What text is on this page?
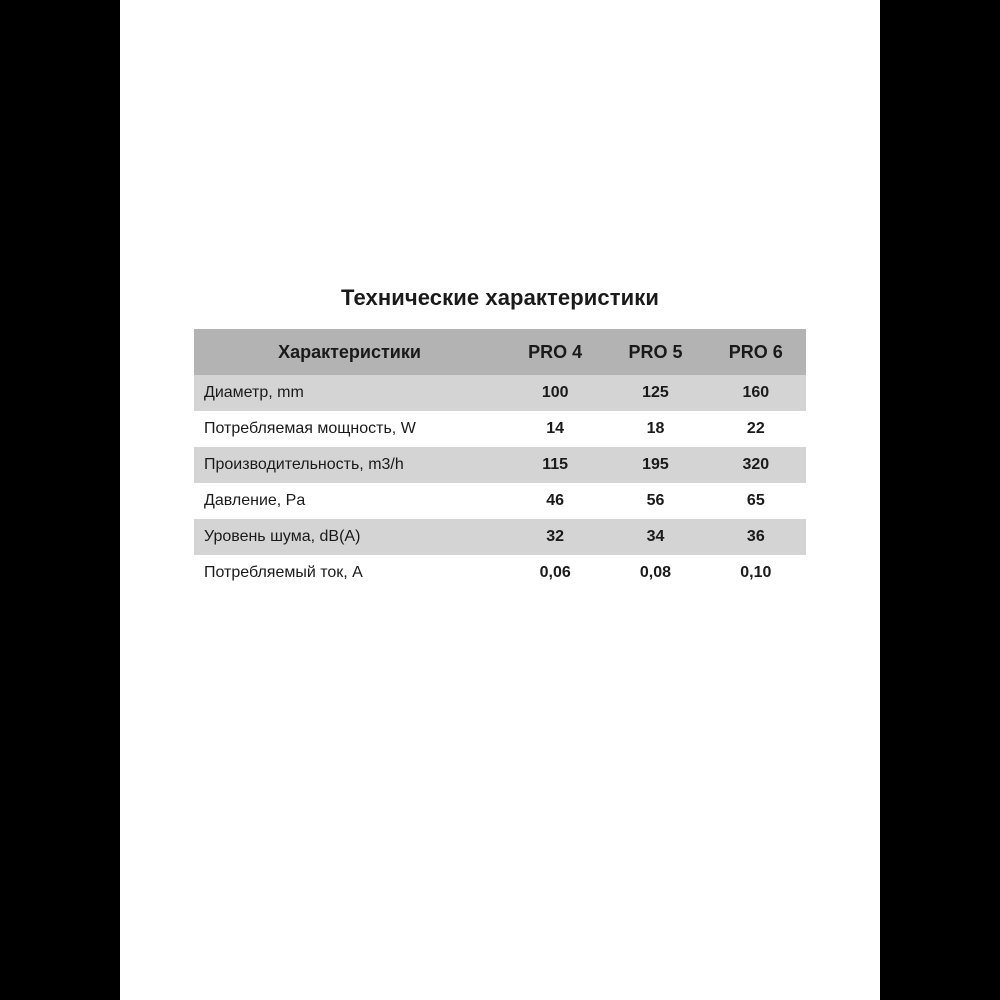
Технические характеристики
Характеристики	PRO 4	PRO 5	PRO 6
Диаметр, mm	100	125	160
Потребляемая мощность, W	14	18	22
Производительность, m3/h	115	195	320
Давление, Pa	46	56	65
Уровень шума, dB(A)	32	34	36
Потребляемый ток, A	0,06	0,08	0,10
